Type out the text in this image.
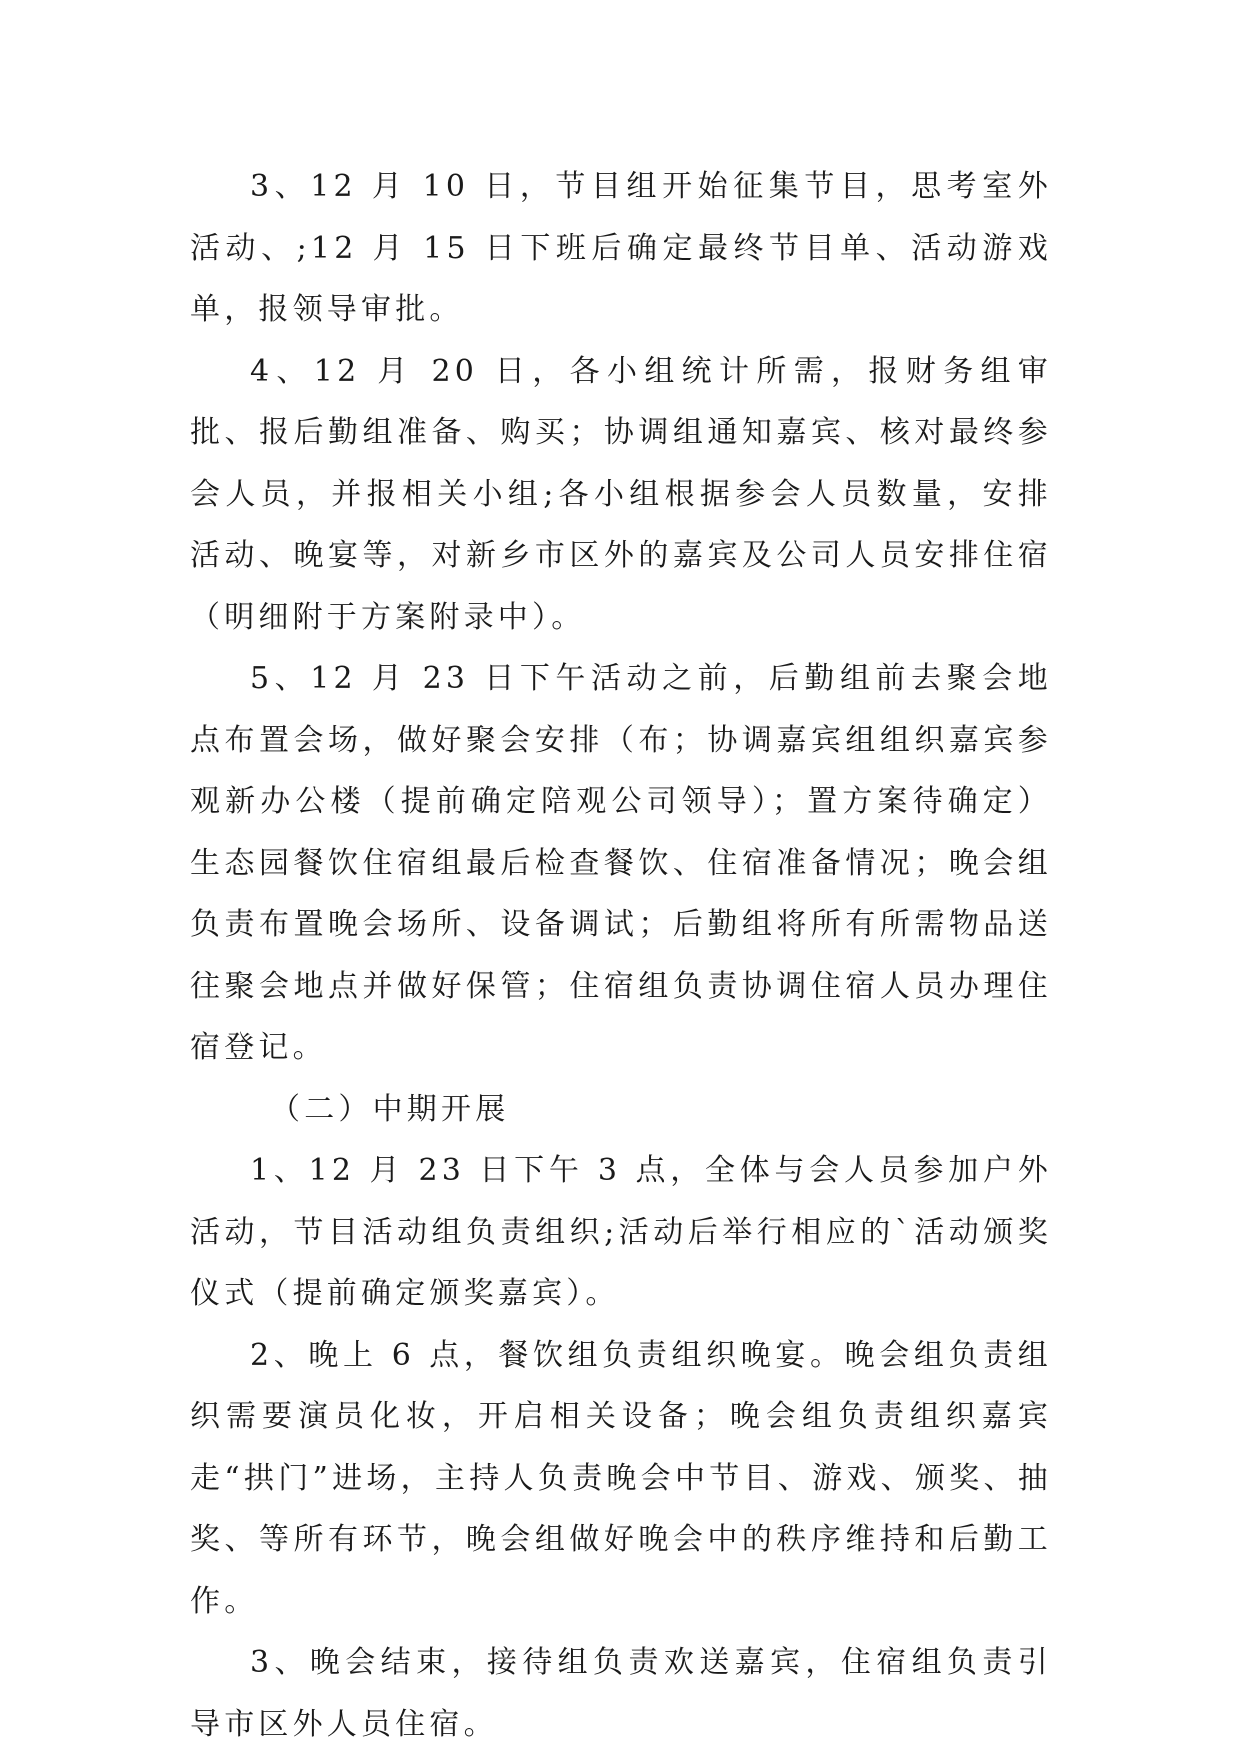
3、12 月 10 日，节目组开始征集节目，思考室外活动、;12 月 15 日下班后确定最终节目单、活动游戏单，报领导审批。

4、12 月 20 日，各小组统计所需，报财务组审批、报后勤组准备、购买；协调组通知嘉宾、核对最终参会人员，并报相关小组;各小组根据参会人员数量，安排活动、晚宴等，对新乡市区外的嘉宾及公司人员安排住宿（明细附于方案附录中）。

5、12 月 23 日下午活动之前，后勤组前去聚会地点布置会场，做好聚会安排（布；协调嘉宾组组织嘉宾参观新办公楼（提前确定陪观公司领导）；置方案待确定）生态园餐饮住宿组最后检查餐饮、住宿准备情况；晚会组负责布置晚会场所、设备调试；后勤组将所有所需物品送往聚会地点并做好保管；住宿组负责协调住宿人员办理住宿登记。

（二）中期开展

1、12 月 23 日下午 3 点，全体与会人员参加户外活动，节目活动组负责组织;活动后举行相应的`活动颁奖仪式（提前确定颁奖嘉宾）。

2、晚上 6 点，餐饮组负责组织晚宴。晚会组负责组织需要演员化妆，开启相关设备；晚会组负责组织嘉宾走“拱门”进场，主持人负责晚会中节目、游戏、颁奖、抽奖、等所有环节，晚会组做好晚会中的秩序维持和后勤工作。

3、晚会结束，接待组负责欢送嘉宾，住宿组负责引导市区外人员住宿。
